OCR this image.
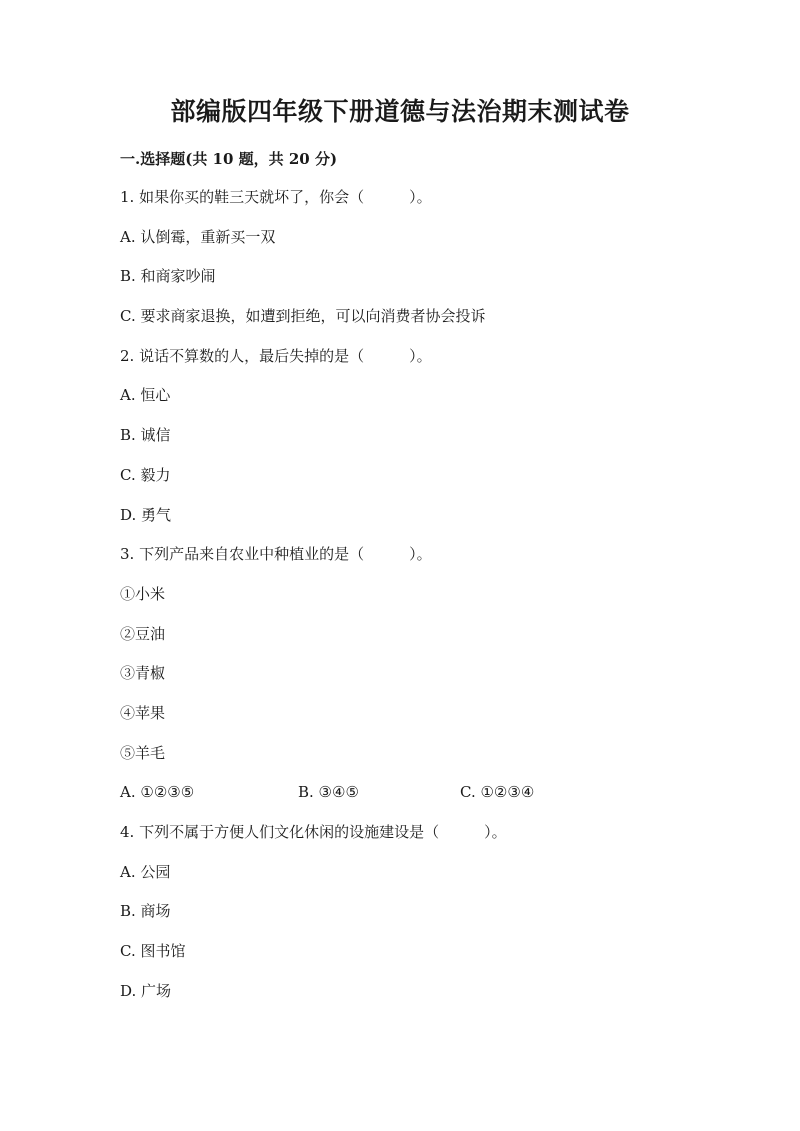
部编版四年级下册道德与法治期末测试卷
一.选择题(共 10 题，共 20 分)
1. 如果你买的鞋三天就坏了，你会（　　　）。
A. 认倒霉，重新买一双
B. 和商家吵闹
C. 要求商家退换，如遭到拒绝，可以向消费者协会投诉
2. 说话不算数的人，最后失掉的是（　　　）。
A. 恒心
B. 诚信
C. 毅力
D. 勇气
3. 下列产品来自农业中种植业的是（　　　）。
①小米
②豆油
③青椒
④苹果
⑤羊毛
A. ①②③⑤	B. ③④⑤	C. ①②③④
4. 下列不属于方便人们文化休闲的设施建设是（　　　）。
A. 公园
B. 商场
C. 图书馆
D. 广场
